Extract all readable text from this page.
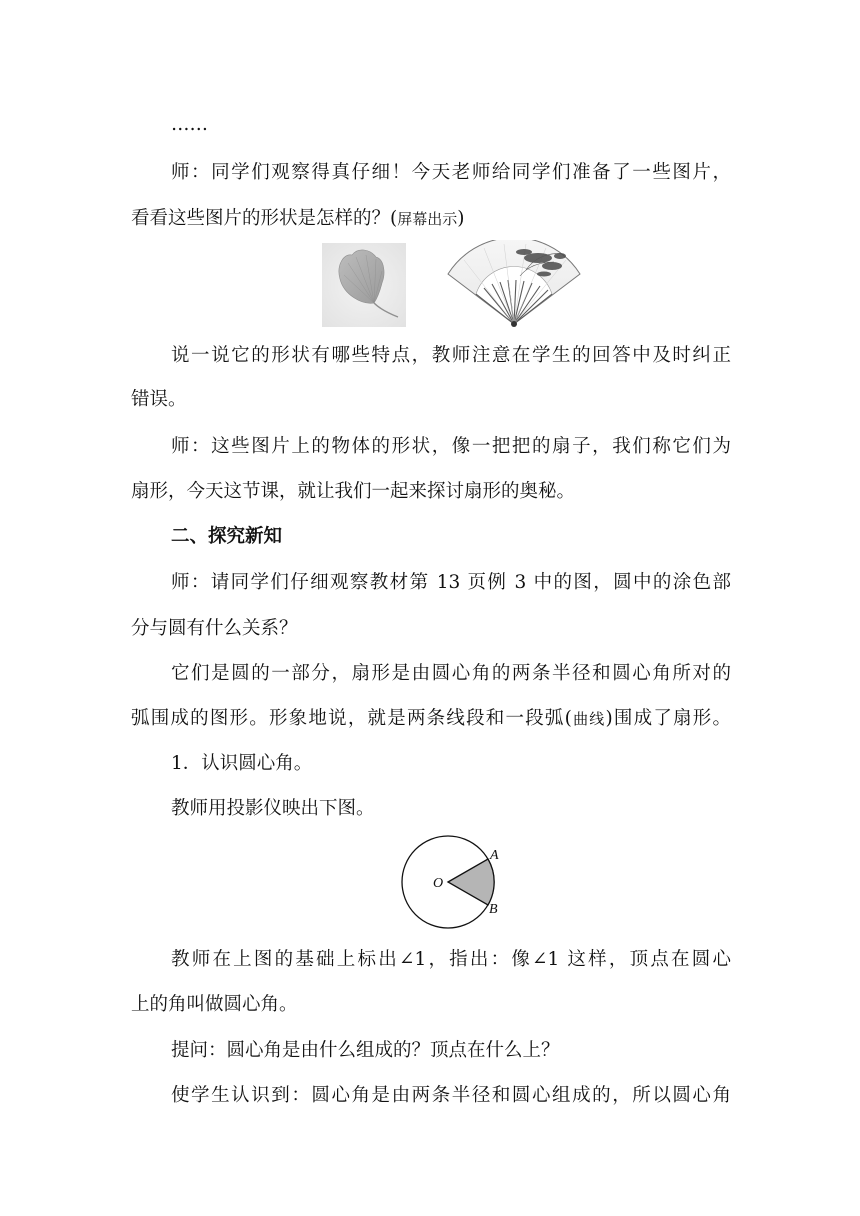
……
师：同学们观察得真仔细！今天老师给同学们准备了一些图片，
看看这些图片的形状是怎样的？(屏幕出示)
说一说它的形状有哪些特点，教师注意在学生的回答中及时纠正
错误。
师：这些图片上的物体的形状，像一把把的扇子，我们称它们为
扇形，今天这节课，就让我们一起来探讨扇形的奥秘。
二、探究新知
师：请同学们仔细观察教材第 13 页例 3 中的图，圆中的涂色部
分与圆有什么关系？
它们是圆的一部分，扇形是由圆心角的两条半径和圆心角所对的
弧围成的图形。形象地说，就是两条线段和一段弧(曲线)围成了扇形。
1．认识圆心角。
教师用投影仪映出下图。
O
A
B
教师在上图的基础上标出∠1，指出：像∠1 这样，顶点在圆心
上的角叫做圆心角。
提问：圆心角是由什么组成的？顶点在什么上？
使学生认识到：圆心角是由两条半径和圆心组成的，所以圆心角
